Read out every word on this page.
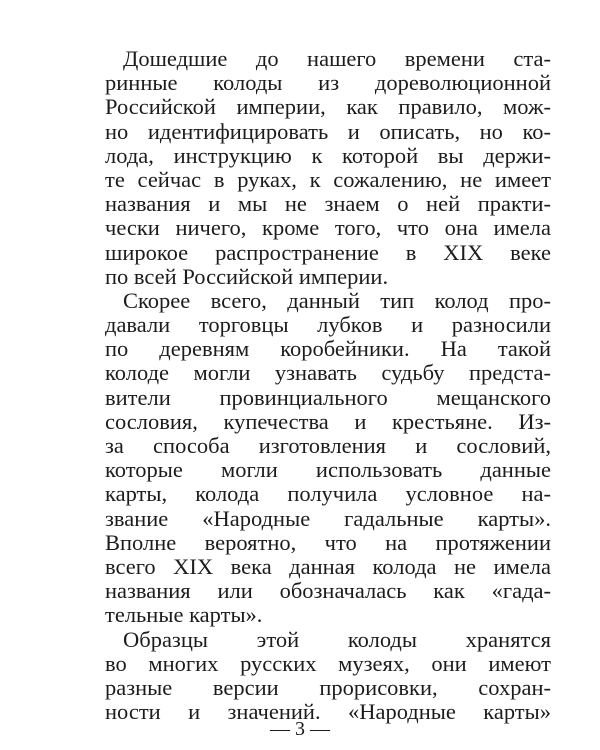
Дошедшие до нашего времени ста-
ринные колоды из дореволюционной
Российской империи, как правило, мож-
но идентифицировать и описать, но ко-
лода, инструкцию к которой вы держи-
те сейчас в руках, к сожалению, не имеет
названия и мы не знаем о ней практи-
чески ничего, кроме того, что она имела
широкое распространение в XIX веке
по всей Российской империи.
Скорее всего, данный тип колод про-
давали торговцы лубков и разносили
по деревням коробейники. На такой
колоде могли узнавать судьбу предста-
вители провинциального мещанского
сословия, купечества и крестьяне. Из-
за способа изготовления и сословий,
которые могли использовать данные
карты, колода получила условное на-
звание «Народные гадальные карты».
Вполне вероятно, что на протяжении
всего XIX века данная колода не имела
названия или обозначалась как «гада-
тельные карты».
Образцы этой колоды хранятся
во многих русских музеях, они имеют
разные версии прорисовки, сохран-
ности и значений. «Народные карты»
— 3 —
